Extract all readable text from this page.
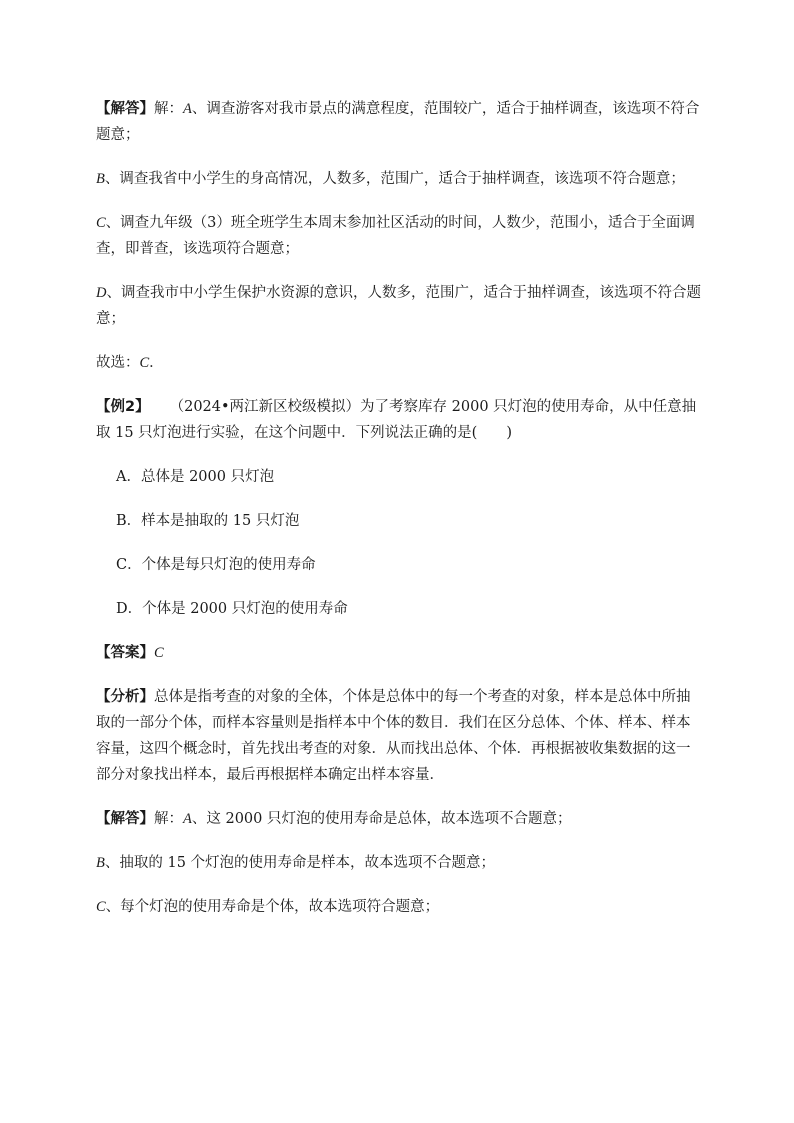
【解答】解：A、调查游客对我市景点的满意程度，范围较广，适合于抽样调查，该选项不符合题意；

B、调查我省中小学生的身高情况，人数多，范围广，适合于抽样调查，该选项不符合题意；

C、调查九年级（3）班全班学生本周末参加社区活动的时间，人数少，范围小，适合于全面调查，即普查，该选项符合题意；

D、调查我市中小学生保护水资源的意识，人数多，范围广，适合于抽样调查，该选项不符合题意；

故选：C．

【例2】 （2024•两江新区校级模拟）为了考察库存 2000 只灯泡的使用寿命，从中任意抽取 15 只灯泡进行实验，在这个问题中．下列说法正确的是(　　)

A．总体是 2000 只灯泡

B．样本是抽取的 15 只灯泡

C．个体是每只灯泡的使用寿命

D．个体是 2000 只灯泡的使用寿命

【答案】C

【分析】总体是指考查的对象的全体，个体是总体中的每一个考查的对象，样本是总体中所抽取的一部分个体，而样本容量则是指样本中个体的数目．我们在区分总体、个体、样本、样本容量，这四个概念时，首先找出考查的对象．从而找出总体、个体．再根据被收集数据的这一部分对象找出样本，最后再根据样本确定出样本容量．

【解答】解：A、这 2000 只灯泡的使用寿命是总体，故本选项不合题意；

B、抽取的 15 个灯泡的使用寿命是样本，故本选项不合题意；

C、每个灯泡的使用寿命是个体，故本选项符合题意；
